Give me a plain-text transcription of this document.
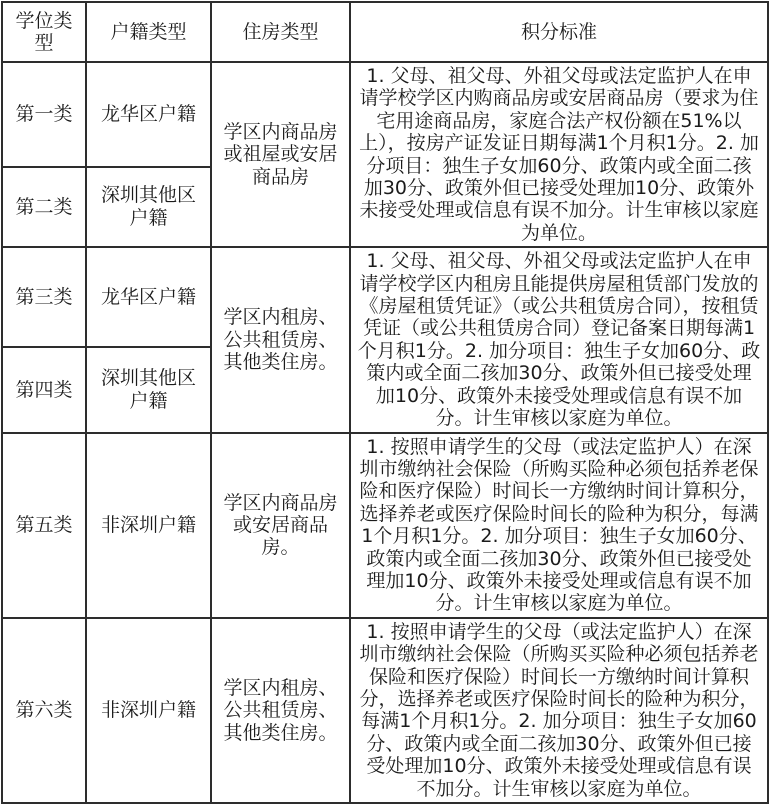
学位类型	户籍类型	住房类型	积分标准
第一类	龙华区户籍	学区内商品房或祖屋或安居商品房	1. 父母、祖父母、外祖父母或法定监护人在申请学校学区内购商品房或安居商品房（要求为住宅用途商品房，家庭合法产权份额在51%以上），按房产证发证日期每满1个月积1分。2. 加分项目：独生子女加60分、政策内或全面二孩加30分、政策外但已接受处理加10分、政策外未接受处理或信息有误不加分。计生审核以家庭为单位。
第二类	深圳其他区户籍		
第三类	龙华区户籍	学区内租房、公共租赁房、其他类住房。	1. 父母、祖父母、外祖父母或法定监护人在申请学校学区内租房且能提供房屋租赁部门发放的《房屋租赁凭证》（或公共租赁房合同），按租赁凭证（或公共租赁房合同）登记备案日期每满1个月积1分。2. 加分项目：独生子女加60分、政策内或全面二孩加30分、政策外但已接受处理加10分、政策外未接受处理或信息有误不加分。计生审核以家庭为单位。
第四类	深圳其他区户籍		
第五类	非深圳户籍	学区内商品房或安居商品房。	1. 按照申请学生的父母（或法定监护人）在深圳市缴纳社会保险（所购买险种必须包括养老保险和医疗保险）时间长一方缴纳时间计算积分，选择养老或医疗保险时间长的险种为积分，每满1个月积1分。2. 加分项目：独生子女加60分、政策内或全面二孩加30分、政策外但已接受处理加10分、政策外未接受处理或信息有误不加分。计生审核以家庭为单位。
第六类	非深圳户籍	学区内租房、公共租赁房、其他类住房。	1. 按照申请学生的父母（或法定监护人）在深圳市缴纳社会保险（所购买买险种必须包括养老保险和医疗保险）时间长一方缴纳时间计算积分，选择养老或医疗保险时间长的险种为积分，每满1个月积1分。2. 加分项目：独生子女加60分、政策内或全面二孩加30分、政策外但已接受处理加10分、政策外未接受处理或信息有误不加分。计生审核以家庭为单位。
